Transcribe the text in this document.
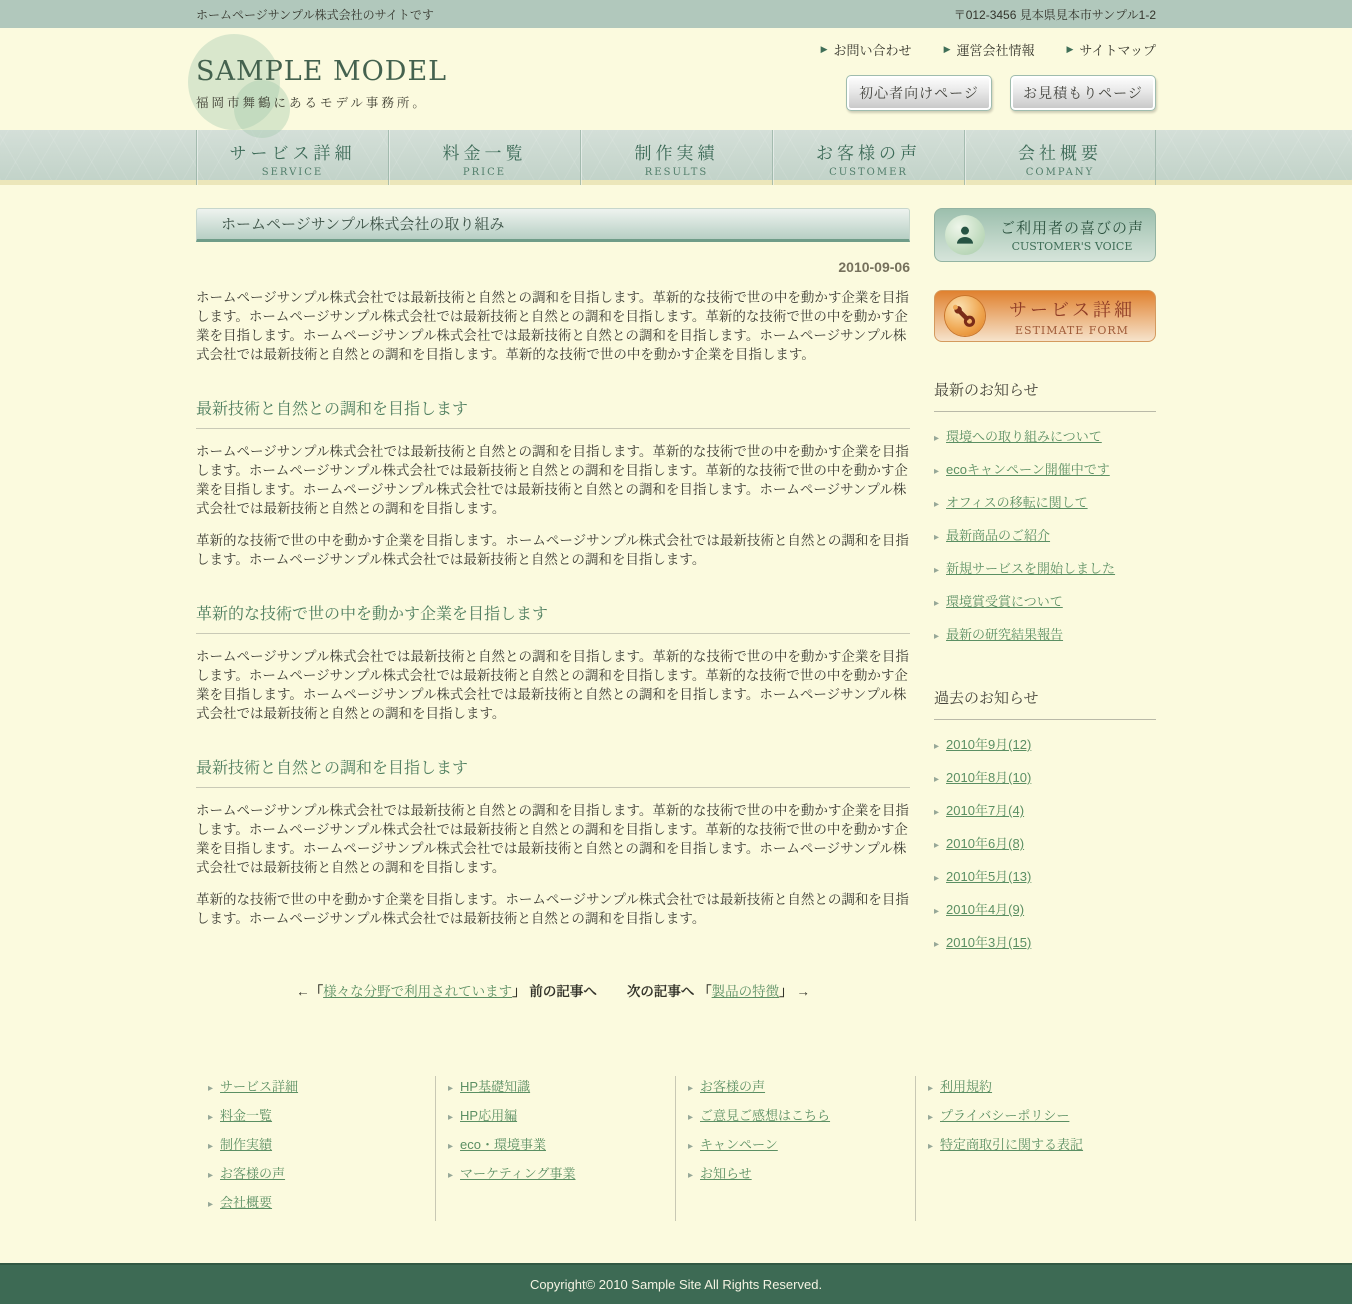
ホームページサンプル株式会社のサイトです	〒012-3456 見本県見本市サンプル1-2
SAMPLE MODEL
福岡市舞鶴にあるモデル事務所。
▶ お問い合わせ	▶ 運営会社情報	▶ サイトマップ
初心者向けページ	お見積もりページ
サービス詳細
SERVICE
料金一覧
PRICE
制作実績
RESULTS
お客様の声
CUSTOMER
会社概要
COMPANY
ホームページサンプル株式会社の取り組み
2010-09-06

ホームページサンプル株式会社では最新技術と自然との調和を目指します。革新的な技術で世の中を動かす企業を目指します。ホームページサンプル株式会社では最新技術と自然との調和を目指します。革新的な技術で世の中を動かす企業を目指します。ホームページサンプル株式会社では最新技術と自然との調和を目指します。ホームページサンプル株式会社では最新技術と自然との調和を目指します。革新的な技術で世の中を動かす企業を目指します。

最新技術と自然との調和を目指します

ホームページサンプル株式会社では最新技術と自然との調和を目指します。革新的な技術で世の中を動かす企業を目指します。ホームページサンプル株式会社では最新技術と自然との調和を目指します。革新的な技術で世の中を動かす企業を目指します。ホームページサンプル株式会社では最新技術と自然との調和を目指します。ホームページサンプル株式会社では最新技術と自然との調和を目指します。

革新的な技術で世の中を動かす企業を目指します。ホームページサンプル株式会社では最新技術と自然との調和を目指します。ホームページサンプル株式会社では最新技術と自然との調和を目指します。

革新的な技術で世の中を動かす企業を目指します

ホームページサンプル株式会社では最新技術と自然との調和を目指します。革新的な技術で世の中を動かす企業を目指します。ホームページサンプル株式会社では最新技術と自然との調和を目指します。革新的な技術で世の中を動かす企業を目指します。ホームページサンプル株式会社では最新技術と自然との調和を目指します。ホームページサンプル株式会社では最新技術と自然との調和を目指します。

最新技術と自然との調和を目指します

ホームページサンプル株式会社では最新技術と自然との調和を目指します。革新的な技術で世の中を動かす企業を目指します。ホームページサンプル株式会社では最新技術と自然との調和を目指します。革新的な技術で世の中を動かす企業を目指します。ホームページサンプル株式会社では最新技術と自然との調和を目指します。ホームページサンプル株式会社では最新技術と自然との調和を目指します。

革新的な技術で世の中を動かす企業を目指します。ホームページサンプル株式会社では最新技術と自然との調和を目指します。ホームページサンプル株式会社では最新技術と自然との調和を目指します。

←「様々な分野で利用されています」 前の記事へ 次の記事へ 「製品の特徴」 →
ご利用者の喜びの声
CUSTOMER'S VOICE
サービス詳細
ESTIMATE FORM
最新のお知らせ
▸ 環境への取り組みについて
▸ ecoキャンペーン開催中です
▸ オフィスの移転に関して
▸ 最新商品のご紹介
▸ 新規サービスを開始しました
▸ 環境賞受賞について
▸ 最新の研究結果報告
過去のお知らせ
▸ 2010年9月(12)
▸ 2010年8月(10)
▸ 2010年7月(4)
▸ 2010年6月(8)
▸ 2010年5月(13)
▸ 2010年4月(9)
▸ 2010年3月(15)
▸ サービス詳細
▸ 料金一覧
▸ 制作実績
▸ お客様の声
▸ 会社概要
▸ HP基礎知識
▸ HP応用編
▸ eco・環境事業
▸ マーケティング事業
▸ お客様の声
▸ ご意見ご感想はこちら
▸ キャンペーン
▸ お知らせ
▸ 利用規約
▸ プライバシーポリシー
▸ 特定商取引に関する表記
Copyright© 2010 Sample Site All Rights Reserved.
